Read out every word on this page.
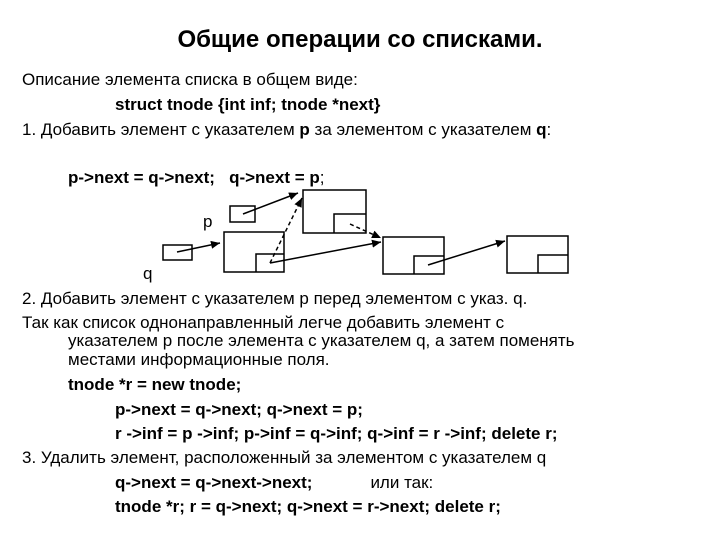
Общие операции со списками.
Описание элемента списка в общем виде:
struct tnode {int inf; tnode *next}
1. Добавить элемент с указателем p за элементом с указателем q:
p->next = q->next; q->next = p;
p
q
2. Добавить элемент с указателем р перед элементом с указ. q.
Так как список однонаправленный легче добавить элемент с
указателем р после элемента с указателем q, а затем поменять
местами информационные поля.
tnode *r = new tnode;
p->next = q->next; q->next = p;
r ->inf = p ->inf; p->inf = q->inf; q->inf = r ->inf; delete r;
3. Удалить элемент, расположенный за элементом с указателем q
q->next = q->next->next;	или так:
tnode *r; r = q->next; q->next = r->next; delete r;
